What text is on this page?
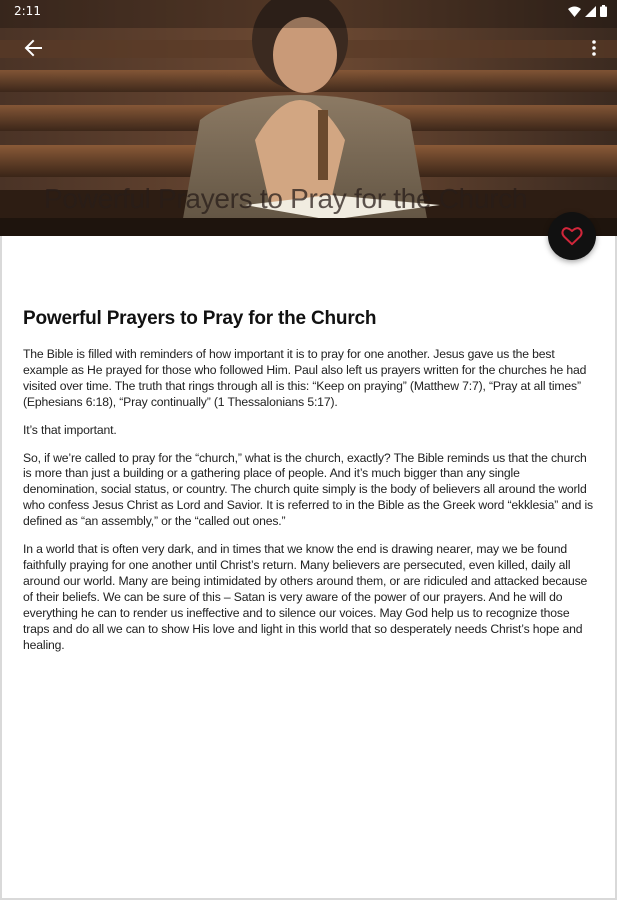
Powerful Prayers to Pray for the Church
2:11
Powerful Prayers to Pray for the Church

The Bible is filled with reminders of how important it is to pray for one another. Jesus gave us the best example as He prayed for those who followed Him. Paul also left us prayers written for the churches he had visited over time. The truth that rings through all is this: “Keep on praying” (Matthew 7:7), “Pray at all times” (Ephesians 6:18), “Pray continually” (1 Thessalonians 5:17).

It’s that important.

So, if we’re called to pray for the “church,” what is the church, exactly? The Bible reminds us that the church is more than just a building or a gathering place of people. And it’s much bigger than any single denomination, social status, or country. The church quite simply is the body of believers all around the world who confess Jesus Christ as Lord and Savior. It is referred to in the Bible as the Greek word “ekklesia” and is defined as “an assembly,” or the “called out ones.”

In a world that is often very dark, and in times that we know the end is drawing nearer, may we be found faithfully praying for one another until Christ’s return. Many believers are persecuted, even killed, daily all around our world. Many are being intimidated by others around them, or are ridiculed and attacked because of their beliefs. We can be sure of this – Satan is very aware of the power of our prayers. And he will do everything he can to render us ineffective and to silence our voices. May God help us to recognize those traps and do all we can to show His love and light in this world that so desperately needs Christ’s hope and healing.
